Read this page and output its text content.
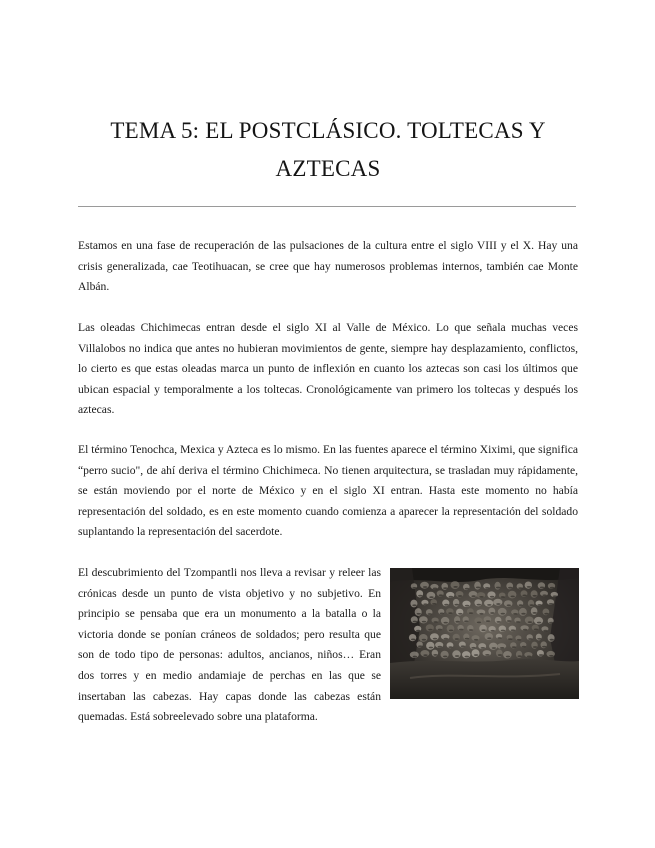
TEMA 5: EL POSTCLÁSICO. TOLTECAS Y AZTECAS

Estamos en una fase de recuperación de las pulsaciones de la cultura entre el siglo VIII y el X. Hay una crisis generalizada, cae Teotihuacan, se cree que hay numerosos problemas internos, también cae Monte Albán.

Las oleadas Chichimecas entran desde el siglo XI al Valle de México. Lo que señala muchas veces Villalobos no indica que antes no hubieran movimientos de gente, siempre hay desplazamiento, conflictos, lo cierto es que estas oleadas marca un punto de inflexión en cuanto los aztecas son casi los últimos que ubican espacial y temporalmente a los toltecas. Cronológicamente van primero los toltecas y después los aztecas.

El término Tenochca, Mexica y Azteca es lo mismo. En las fuentes aparece el término Xiximi, que significa “perro sucio", de ahí deriva el término Chichimeca. No tienen arquitectura, se trasladan muy rápidamente, se están moviendo por el norte de México y en el siglo XI entran. Hasta este momento no había representación del soldado, es en este momento cuando comienza a aparecer la representación del soldado suplantando la representación del sacerdote.

El descubrimiento del Tzompantli nos lleva a revisar y releer las crónicas desde un punto de vista objetivo y no subjetivo. En principio se pensaba que era un monumento a la batalla o la victoria donde se ponían cráneos de soldados; pero resulta que son de todo tipo de personas: adultos, ancianos, niños… Eran dos torres y en medio andamiaje de perchas en las que se insertaban las cabezas. Hay capas donde las cabezas están quemadas. Está sobreelevado sobre una plataforma.
